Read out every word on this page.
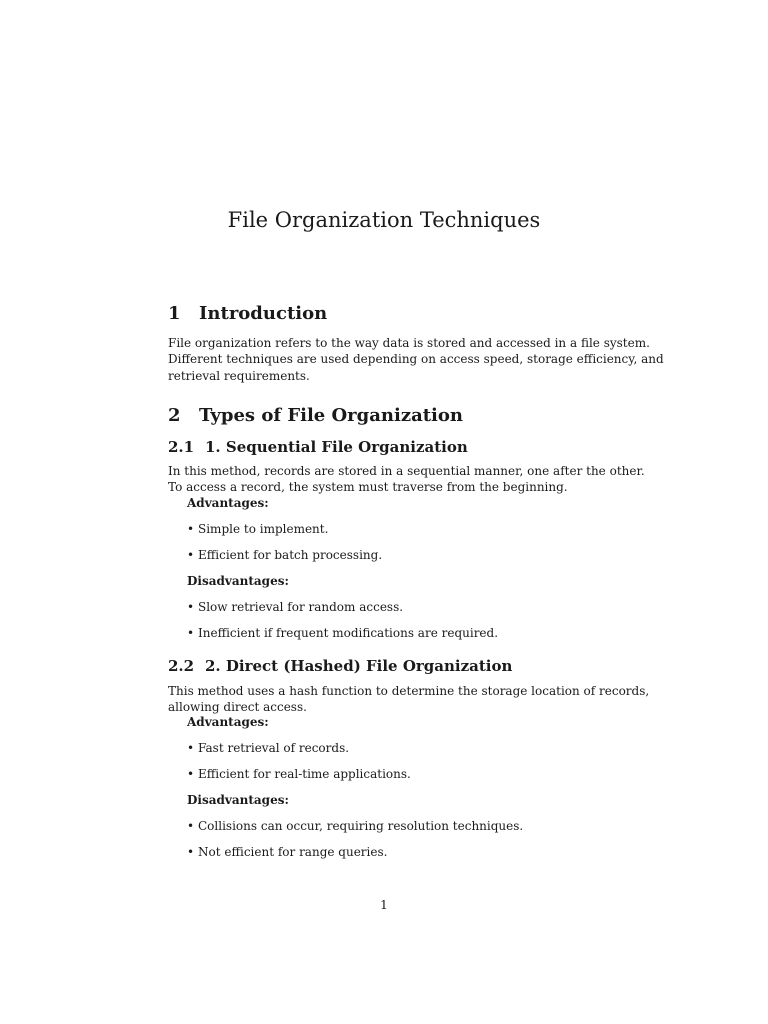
File Organization Techniques
1 Introduction
File organization refers to the way data is stored and accessed in a file system.
Different techniques are used depending on access speed, storage efficiency, and
retrieval requirements.
2 Types of File Organization
2.1 1. Sequential File Organization
In this method, records are stored in a sequential manner, one after the other.
To access a record, the system must traverse from the beginning.
Advantages:
• Simple to implement.
• Efficient for batch processing.
Disadvantages:
• Slow retrieval for random access.
• Inefficient if frequent modifications are required.
2.2 2. Direct (Hashed) File Organization
This method uses a hash function to determine the storage location of records,
allowing direct access.
Advantages:
• Fast retrieval of records.
• Efficient for real-time applications.
Disadvantages:
• Collisions can occur, requiring resolution techniques.
• Not efficient for range queries.
1
